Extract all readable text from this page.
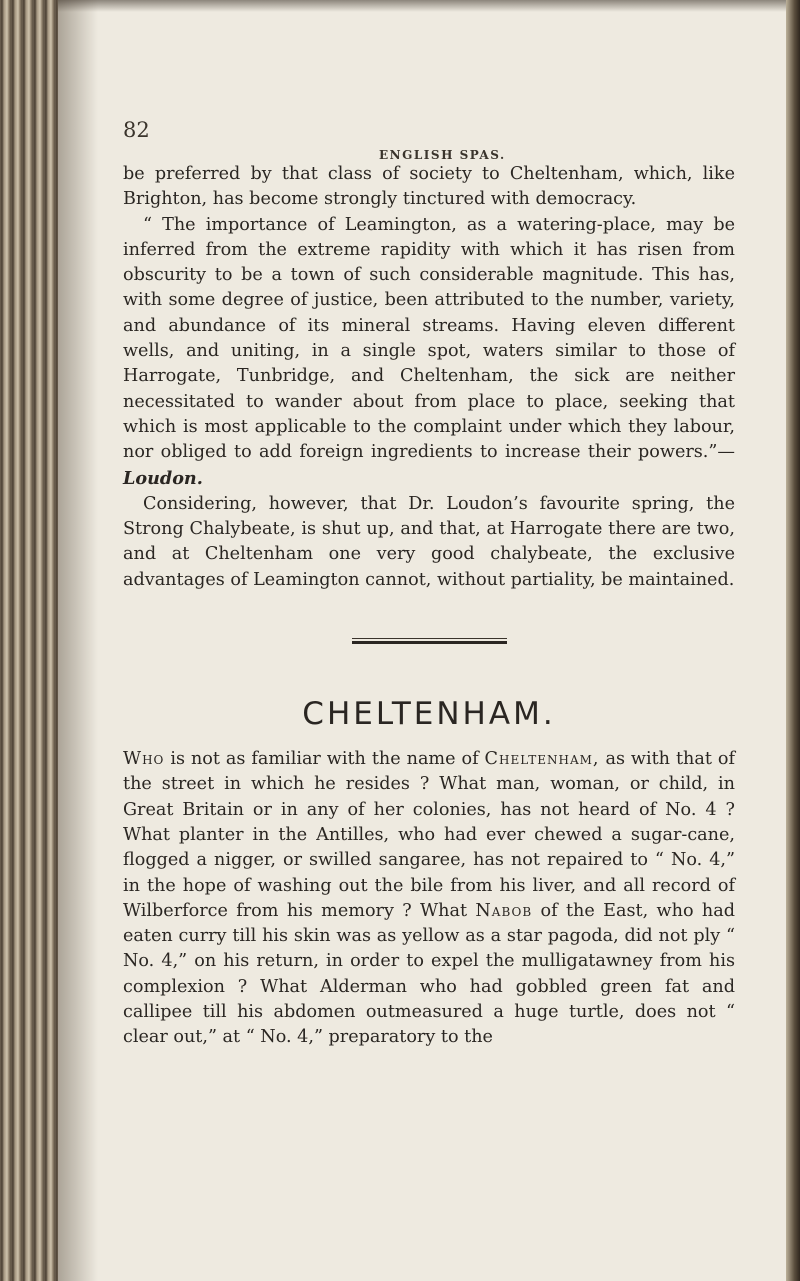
82
ENGLISH SPAS.

be preferred by that class of society to Cheltenham, which, like Brighton, has become strongly tinctured with democracy.

“ The importance of Leamington, as a watering-place, may be inferred from the extreme rapidity with which it has risen from obscurity to be a town of such considerable magnitude. This has, with some degree of justice, been attributed to the number, variety, and abundance of its mineral streams. Having eleven different wells, and uniting, in a single spot, waters similar to those of Harrogate, Tunbridge, and Cheltenham, the sick are neither necessitated to wander about from place to place, seeking that which is most applicable to the complaint under which they labour, nor obliged to add foreign ingredients to increase their powers.”— Loudon.

Considering, however, that Dr. Loudon’s favourite spring, the Strong Chalybeate, is shut up, and that, at Harrogate there are two, and at Cheltenham one very good chalybeate, the exclusive advantages of Leamington cannot, without partiality, be maintained.

CHELTENHAM.

Who is not as familiar with the name of Cheltenham, as with that of the street in which he resides ? What man, woman, or child, in Great Britain or in any of her colonies, has not heard of No. 4 ? What planter in the Antilles, who had ever chewed a sugar-cane, flogged a nigger, or swilled sangaree, has not repaired to “ No. 4,” in the hope of washing out the bile from his liver, and all record of Wilberforce from his memory ? What Nabob of the East, who had eaten curry till his skin was as yellow as a star pagoda, did not ply “ No. 4,” on his return, in order to expel the mulligatawney from his complexion ? What Alderman who had gobbled green fat and callipee till his abdomen outmeasured a huge turtle, does not “ clear out,” at “ No. 4,” preparatory to the
